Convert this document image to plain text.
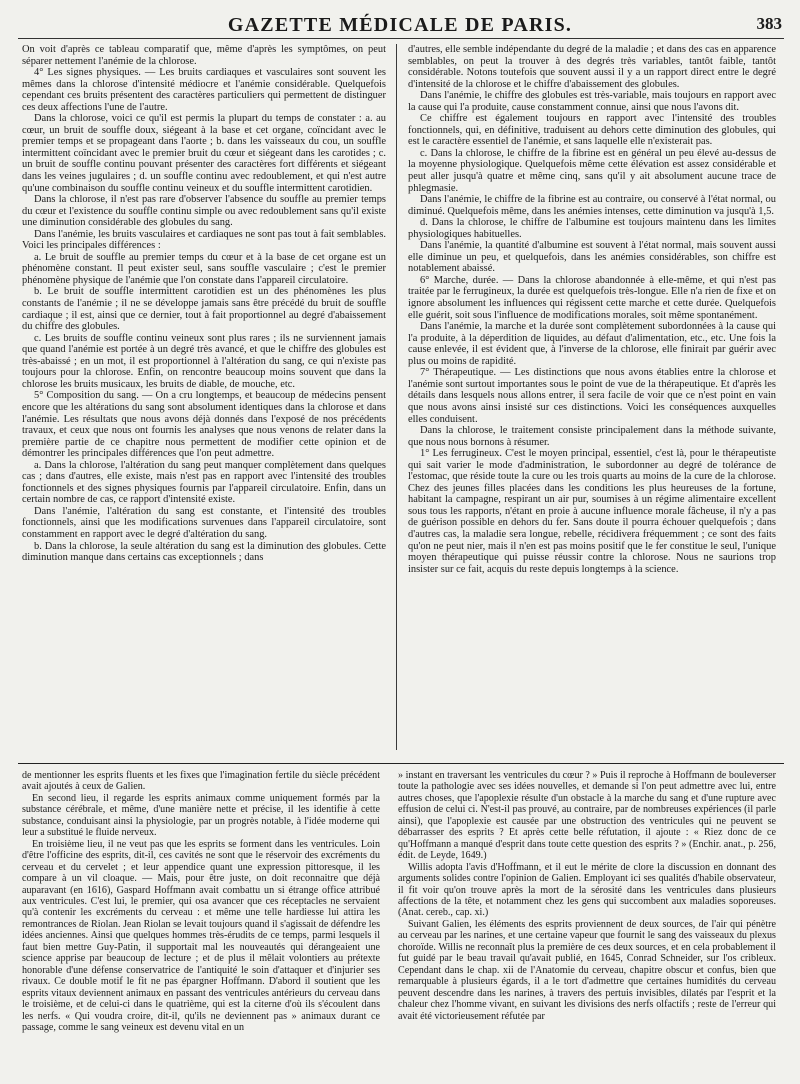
GAZETTE MÉDICALE DE PARIS.	383

On voit d'après ce tableau comparatif que, même d'après les symptômes, on peut séparer nettement l'anémie de la chlorose.

4° Les signes physiques. — Les bruits cardiaques et vasculaires sont souvent les mêmes dans la chlorose d'intensité médiocre et l'anémie considérable. Quelquefois cependant ces bruits présentent des caractères particuliers qui permettent de distinguer ces deux affections l'une de l'autre.

Dans la chlorose, voici ce qu'il est permis la plupart du temps de constater : a. au cœur, un bruit de souffle doux, siégeant à la base et cet organe, coïncidant avec le premier temps et se propageant dans l'aorte ; b. dans les vaisseaux du cou, un souffle intermittent coïncidant avec le premier bruit du cœur et siégeant dans les carotides ; c. un bruit de souffle continu pouvant présenter des caractères fort différents et siégeant dans les veines jugulaires ; d. un souffle continu avec redoublement, et qui n'est autre qu'une combinaison du souffle continu veineux et du souffle intermittent carotidien.

Dans la chlorose, il n'est pas rare d'observer l'absence du souffle au premier temps du cœur et l'existence du souffle continu simple ou avec redoublement sans qu'il existe une diminution considérable des globules du sang.

Dans l'anémie, les bruits vasculaires et cardiaques ne sont pas tout à fait semblables. Voici les principales différences :

a. Le bruit de souffle au premier temps du cœur et à la base de cet organe est un phénomène constant. Il peut exister seul, sans souffle vasculaire ; c'est le premier phénomène physique de l'anémie que l'on constate dans l'appareil circulatoire.

b. Le bruit de souffle intermittent carotidien est un des phénomènes les plus constants de l'anémie ; il ne se développe jamais sans être précédé du bruit de souffle cardiaque ; il est, ainsi que ce dernier, tout à fait proportionnel au degré d'abaissement du chiffre des globules.

c. Les bruits de souffle continu veineux sont plus rares ; ils ne surviennent jamais que quand l'anémie est portée à un degré très avancé, et que le chiffre des globules est très-abaissé ; en un mot, il est proportionnel à l'altération du sang, ce qui n'existe pas toujours pour la chlorose. Enfin, on rencontre beaucoup moins souvent que dans la chlorose les bruits musicaux, les bruits de diable, de mouche, etc.

5° Composition du sang. — On a cru longtemps, et beaucoup de médecins pensent encore que les altérations du sang sont absolument identiques dans la chlorose et dans l'anémie. Les résultats que nous avons déjà donnés dans l'exposé de nos précédents travaux, et ceux que nous ont fournis les analyses que nous venons de relater dans la première partie de ce chapitre nous permettent de modifier cette opinion et de démontrer les principales différences que l'on peut admettre.

a. Dans la chlorose, l'altération du sang peut manquer complètement dans quelques cas ; dans d'autres, elle existe, mais n'est pas en rapport avec l'intensité des troubles fonctionnels et des signes physiques fournis par l'appareil circulatoire. Enfin, dans un certain nombre de cas, ce rapport d'intensité existe.

Dans l'anémie, l'altération du sang est constante, et l'intensité des troubles fonctionnels, ainsi que les modifications survenues dans l'appareil circulatoire, sont constamment en rapport avec le degré d'altération du sang.

b. Dans la chlorose, la seule altération du sang est la diminution des globules. Cette diminution manque dans certains cas exceptionnels ; dans

d'autres, elle semble indépendante du degré de la maladie ; et dans des cas en apparence semblables, on peut la trouver à des degrés très variables, tantôt faible, tantôt considérable. Notons toutefois que souvent aussi il y a un rapport direct entre le degré d'intensité de la chlorose et le chiffre d'abaissement des globules.

Dans l'anémie, le chiffre des globules est très-variable, mais toujours en rapport avec la cause qui l'a produite, cause constamment connue, ainsi que nous l'avons dit.

Ce chiffre est également toujours en rapport avec l'intensité des troubles fonctionnels, qui, en définitive, traduisent au dehors cette diminution des globules, qui est le caractère essentiel de l'anémie, et sans laquelle elle n'existerait pas.

c. Dans la chlorose, le chiffre de la fibrine est en général un peu élevé au-dessus de la moyenne physiologique. Quelquefois même cette élévation est assez considérable et peut aller jusqu'à quatre et même cinq, sans qu'il y ait absolument aucune trace de phlegmasie.

Dans l'anémie, le chiffre de la fibrine est au contraire, ou conservé à l'état normal, ou diminué. Quelquefois même, dans les anémies intenses, cette diminution va jusqu'à 1,5.

d. Dans la chlorose, le chiffre de l'albumine est toujours maintenu dans les limites physiologiques habituelles.

Dans l'anémie, la quantité d'albumine est souvent à l'état normal, mais souvent aussi elle diminue un peu, et quelquefois, dans les anémies considérables, son chiffre est notablement abaissé.

6° Marche, durée. — Dans la chlorose abandonnée à elle-même, et qui n'est pas traitée par le ferrugineux, la durée est quelquefois très-longue. Elle n'a rien de fixe et on ignore absolument les influences qui régissent cette marche et cette durée. Quelquefois elle guérit, soit sous l'influence de modifications morales, soit même spontanément.

Dans l'anémie, la marche et la durée sont complètement subordonnées à la cause qui l'a produite, à la déperdition de liquides, au défaut d'alimentation, etc., etc. Une fois la cause enlevée, il est évident que, à l'inverse de la chlorose, elle finirait par guérir avec plus ou moins de rapidité.

7° Thérapeutique. — Les distinctions que nous avons établies entre la chlorose et l'anémie sont surtout importantes sous le point de vue de la thérapeutique. Et d'après les détails dans lesquels nous allons entrer, il sera facile de voir que ce n'est point en vain que nous avons ainsi insisté sur ces distinctions. Voici les conséquences auxquelles elles conduisent.

Dans la chlorose, le traitement consiste principalement dans la méthode suivante, que nous nous bornons à résumer.

1° Les ferrugineux. C'est le moyen principal, essentiel, c'est là, pour le thérapeutiste qui sait varier le mode d'administration, le subordonner au degré de tolérance de l'estomac, que réside toute la cure ou les trois quarts au moins de la cure de la chlorose. Chez des jeunes filles placées dans les conditions les plus heureuses de la fortune, habitant la campagne, respirant un air pur, soumises à un régime alimentaire excellent sous tous les rapports, n'étant en proie à aucune influence morale fâcheuse, il n'y a pas de guérison possible en dehors du fer. Sans doute il pourra échouer quelquefois ; dans d'autres cas, la maladie sera longue, rebelle, récidivera fréquemment ; ce sont des faits qu'on ne peut nier, mais il n'en est pas moins positif que le fer constitue le seul, l'unique moyen thérapeutique qui puisse réussir contre la chlorose. Nous ne saurions trop insister sur ce fait, acquis du reste depuis longtemps à la science.

de mentionner les esprits fluents et les fixes que l'imagination fertile du siècle précédent avait ajoutés à ceux de Galien.

En second lieu, il regarde les esprits animaux comme uniquement formés par la substance cérébrale, et même, d'une manière nette et précise, il les identifie à cette substance, conduisant ainsi la physiologie, par un progrès notable, à l'idée moderne qui leur a substitué le fluide nerveux.

En troisième lieu, il ne veut pas que les esprits se forment dans les ventricules. Loin d'être l'officine des esprits, dit-il, ces cavités ne sont que le réservoir des excréments du cerveau et du cervelet ; et leur appendice quant une expression pittoresque, il les compare à un vil cloaque. — Mais, pour être juste, on doit reconnaitre que déjà auparavant (en 1616), Gaspard Hoffmann avait combattu un si étrange office attribué aux ventricules. C'est lui, le premier, qui osa avancer que ces réceptacles ne servaient qu'à contenir les excréments du cerveau : et même une telle hardiesse lui attira les remontrances de Riolan. Jean Riolan se levait toujours quand il s'agissait de défendre les idées anciennes. Ainsi que quelques hommes très-érudits de ce temps, parmi lesquels il faut bien mettre Guy-Patin, il supportait mal les nouveautés qui dérangeaient une science apprise par beaucoup de lecture ; et de plus il mêlait volontiers au prétexte honorable d'une défense conservatrice de l'antiquité le soin d'attaquer et d'injurier ses rivaux. Ce double motif le fit ne pas épargner Hoffmann. D'abord il soutient que les esprits vitaux deviennent animaux en passant des ventricules antérieurs du cerveau dans le troisième, et de celui-ci dans le quatrième, qui est la citerne d'où ils s'écoulent dans les nerfs. « Qui voudra croire, dit-il, qu'ils ne deviennent pas » animaux durant ce passage, comme le sang veineux est devenu vital en un

» instant en traversant les ventricules du cœur ? » Puis il reproche à Hoffmann de bouleverser toute la pathologie avec ses idées nouvelles, et demande si l'on peut admettre avec lui, entre autres choses, que l'apoplexie résulte d'un obstacle à la marche du sang et d'une rupture avec effusion de celui ci. N'est-il pas prouvé, au contraire, par de nombreuses expériences (il parle ainsi), que l'apoplexie est causée par une obstruction des ventricules qui ne peuvent se débarrasser des esprits ? Et après cette belle réfutation, il ajoute : « Riez donc de ce qu'Hoffmann a manqué d'esprit dans toute cette question des esprits ? » (Enchir. anat., p. 256, édit. de Leyde, 1649.)

Willis adopta l'avis d'Hoffmann, et il eut le mérite de clore la discussion en donnant des arguments solides contre l'opinion de Galien. Employant ici ses qualités d'habile observateur, il fit voir qu'on trouve après la mort de la sérosité dans les ventricules dans plusieurs affections de la tête, et notamment chez les gens qui succombent aux maladies soporeuses. (Anat. cereb., cap. xi.)

Suivant Galien, les éléments des esprits proviennent de deux sources, de l'air qui pénètre au cerveau par les narines, et une certaine vapeur que fournit le sang des vaisseaux du plexus choroïde. Willis ne reconnaît plus la première de ces deux sources, et en cela probablement il fut guidé par le beau travail qu'avait publié, en 1645, Conrad Schneider, sur l'os cribleux. Cependant dans le chap. xii de l'Anatomie du cerveau, chapitre obscur et confus, bien que remarquable à plusieurs égards, il a le tort d'admettre que certaines humidités du cerveau peuvent descendre dans les narines, à travers des pertuis invisibles, dilatés par l'esprit et la chaleur chez l'homme vivant, en suivant les divisions des nerfs olfactifs ; reste de l'erreur qui avait été victorieusement réfutée par
